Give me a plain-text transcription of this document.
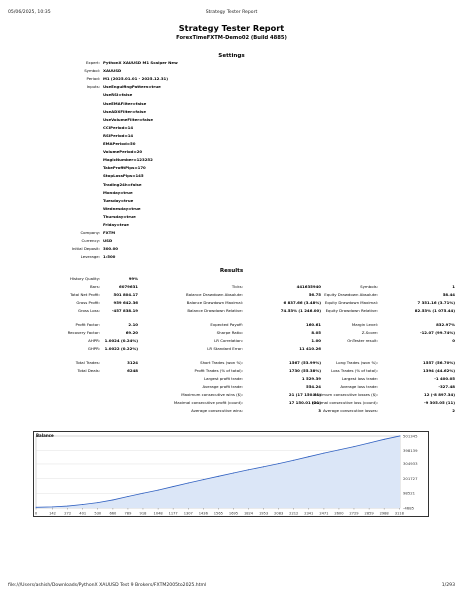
05/06/2025, 10:35	Strategy Tester Report
Strategy Tester Report
ForexTimeFXTM-Demo02 (Build 4885)
Settings
Expert: PythonX XAUUSD M1 Scalper New
Symbol: XAUUSD
Period: M1 (2025.01.01 - 2025.12.31)
Inputs: UseEngulfingPattern=true
UseRSI=false
UseEMAFilter=false
UseADXFilter=false
UseVolumeFilter=false
CCIPeriod=14
RSIPeriod=14
EMAPeriod=50
VolumePeriod=20
MagicNumber=123252
TakeProfitPips=170
StopLossPips=145
Trading24h=false
Monday=true
Tuesday=true
Wednesday=true
Thursday=true
Friday=true
Company: FXTM
Currency: USD
Initial Deposit: 300.00
Leverage: 1:500
Results
History Quality:	99%
Bars:	6079631	Ticks:	441635940	Symbols:	1
Total Net Profit:	501 804.17	Balance Drawdown Absolute:	56.75 Equity Drawdown Absolute:	58.44
Gross Profit:	959 642.36	Balance Drawdown Maximal:	6 837.66 (3.48%) Equity Drawdown Maximal:	7 351.16 (3.71%)
Gross Loss:	-457 838.19	Balance Drawdown Relative:	74.53% (1 246.00) Equity Drawdown Relative:	82.53% (1 075.44)
Profit Factor:	2.10	Expected Payoff:	160.61	Margin Level:	832.97%
Recovery Factor:	69.20	Sharpe Ratio:	8.05	Z-Score:	-12.07 (99.74%)
AHPR: 1.0024 (0.24%)	LR Correlation:	1.00	OnTester result:	0
GHPR: 1.0022 (0.22%)	LR Standard Error:	11 410.26
Total Trades:	3124	Short Trades (won %):	1567 (53.99%)	Long Trades (won %):	1557 (56.70%)
Total Deals:	6248	Profit Trades (% of total):	1730 (55.38%)	Loss Trades (% of total):	1394 (44.62%)
Largest profit trade:	1 529.39	Largest loss trade:	-1 400.05
Average profit trade:	554.24	Average loss trade:	-327.48
Maximum consecutive wins ($):	21 (17 150.01)
Maximum consecutive losses ($):	12 (-8 897.34)
Maximal consecutive profit (count):	17 150.01 (21)
Maximal consecutive loss (count):	-9 305.05 (11)
Average consecutive wins:	3 Average consecutive losses:	2
501345
398139
304933
201727
98521
-4685
0	142 272 401 530 660 789 918 1048 1177 1307 1436 1565 1695 1824 1953 2083 2212 2341 2471 2600 2729 2859 2988 3118
Balance
file:///Users/ashish/Downloads/PythonX XAUUSD Test 9 Brokers/FXTM2005to2025.html	1/293
